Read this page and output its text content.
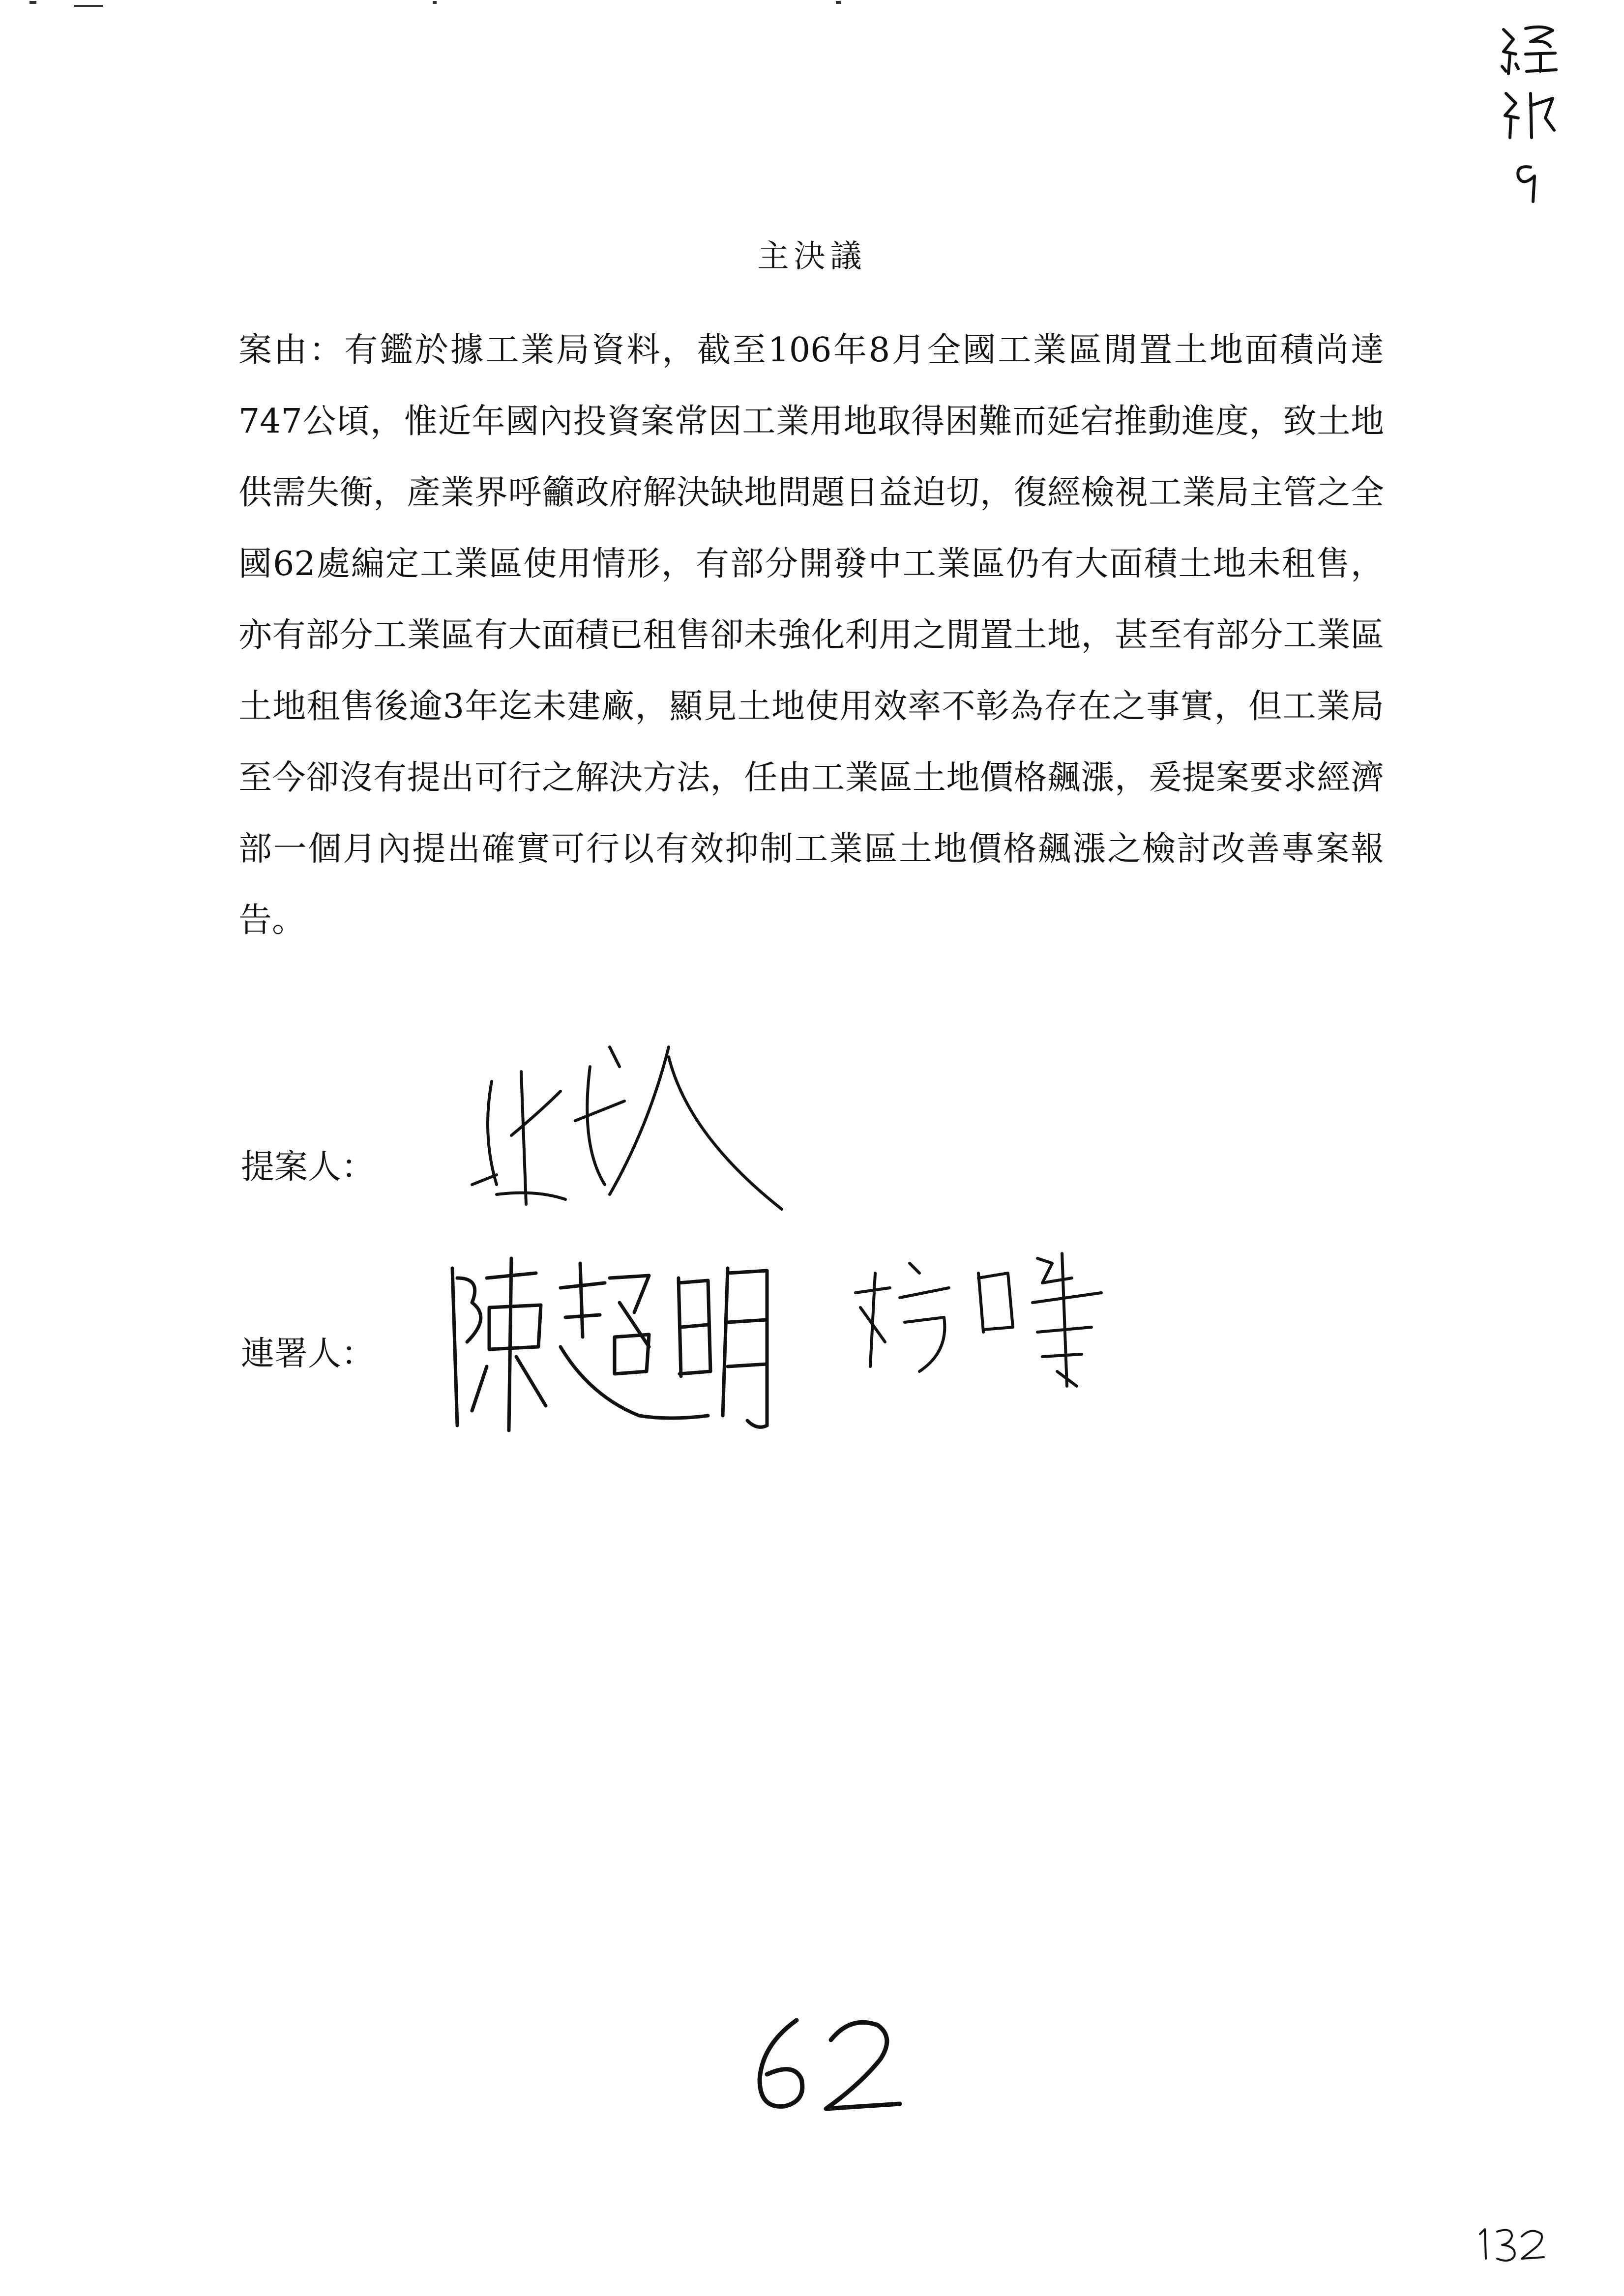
主決議
案由：有鑑於據工業局資料，截至106年8月全國工業區閒置土地面積尚達747公頃，惟近年國內投資案常因工業用地取得困難而延宕推動進度，致土地供需失衡，產業界呼籲政府解決缺地問題日益迫切，復經檢視工業局主管之全國62處編定工業區使用情形，有部分開發中工業區仍有大面積土地未租售，亦有部分工業區有大面積已租售卻未強化利用之閒置土地，甚至有部分工業區土地租售後逾3年迄未建廠，顯見土地使用效率不彰為存在之事實，但工業局至今卻沒有提出可行之解決方法，任由工業區土地價格飆漲，爰提案要求經濟部一個月內提出確實可行以有效抑制工業區土地價格飆漲之檢討改善專案報告。
提案人：
連署人：
